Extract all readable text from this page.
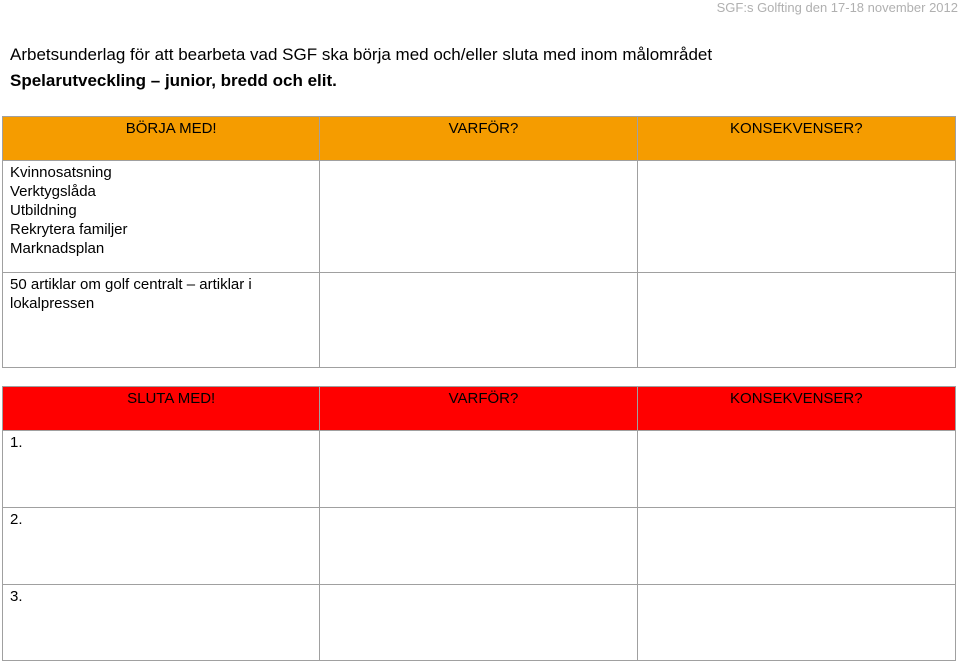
SGF:s Golfting den 17-18 november 2012
Arbetsunderlag för att bearbeta vad SGF ska börja med och/eller sluta med inom målområdet
Spelarutveckling – junior, bredd och elit.
BÖRJA MED!	VARFÖR?	KONSEKVENSER?

Kvinnosatsning
Verktygslåda
Utbildning
Rekrytera familjer
Marknadsplan		

50 artiklar om golf centralt – artiklar i lokalpressen		
SLUTA MED!	VARFÖR?	KONSEKVENSER?
1.		
2.		
3.		
